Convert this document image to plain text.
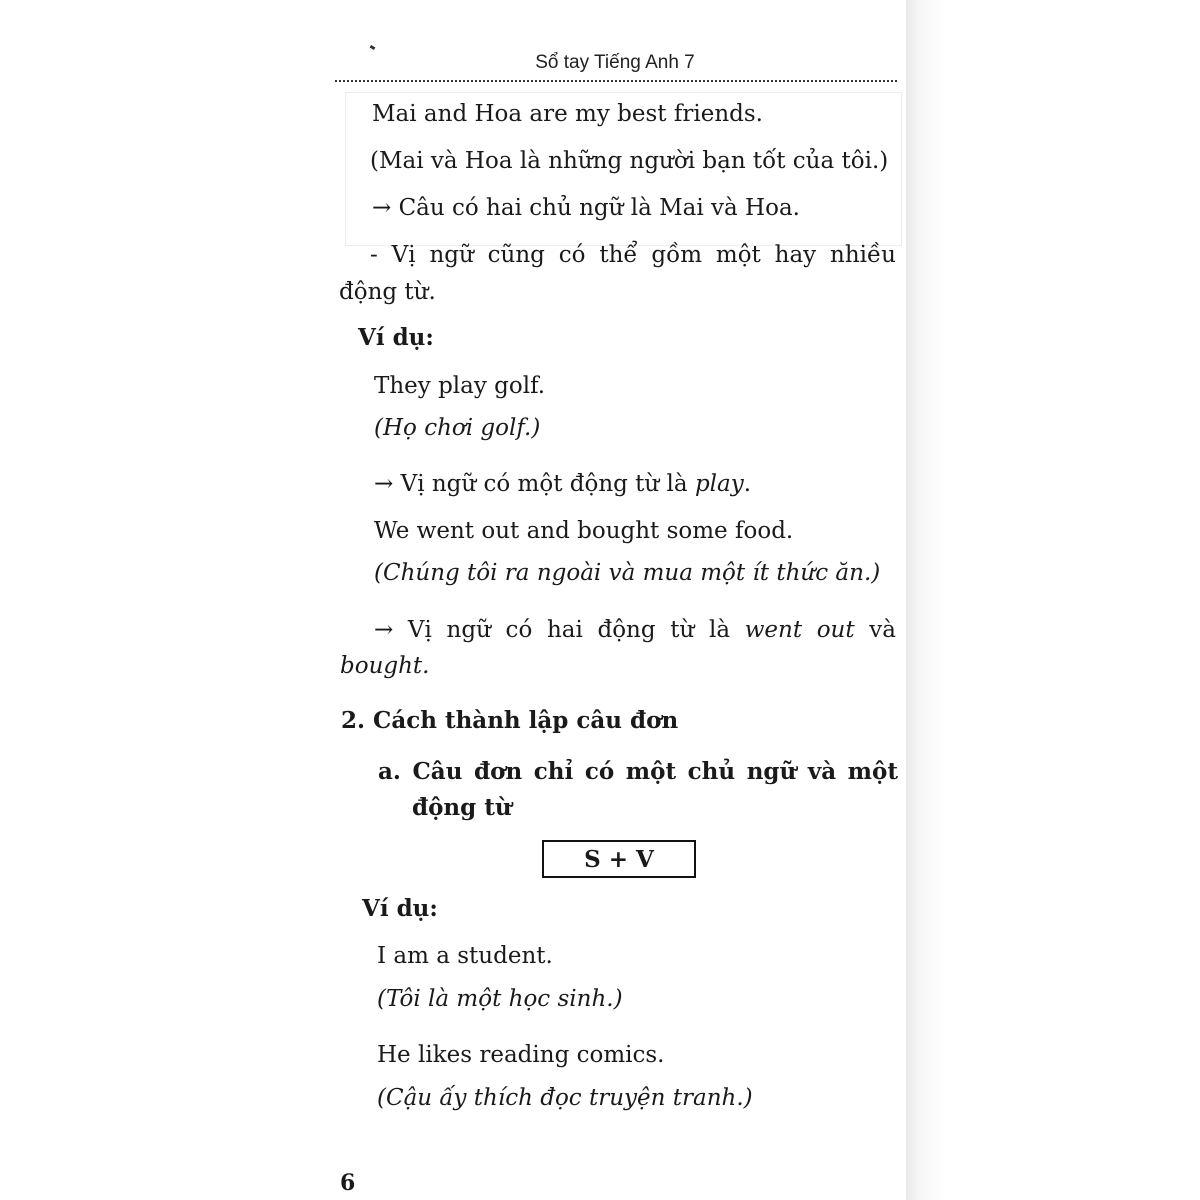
Sổ tay Tiếng Anh 7
Mai and Hoa are my best friends.
(Mai và Hoa là những người bạn tốt của tôi.)
→ Câu có hai chủ ngữ là Mai và Hoa.
- Vị ngữ cũng có thể gồm một hay nhiều
động từ.
Ví dụ:
They play golf.
(Họ chơi golf.)
→ Vị ngữ có một động từ là play.
We went out and bought some food.
(Chúng tôi ra ngoài và mua một ít thức ăn.)
→ Vị ngữ có hai động từ là went out và
bought.
2. Cách thành lập câu đơn
a. Câu đơn chỉ có một chủ ngữ và một
động từ
S + V
Ví dụ:
I am a student.
(Tôi là một học sinh.)
He likes reading comics.
(Cậu ấy thích đọc truyện tranh.)
6
